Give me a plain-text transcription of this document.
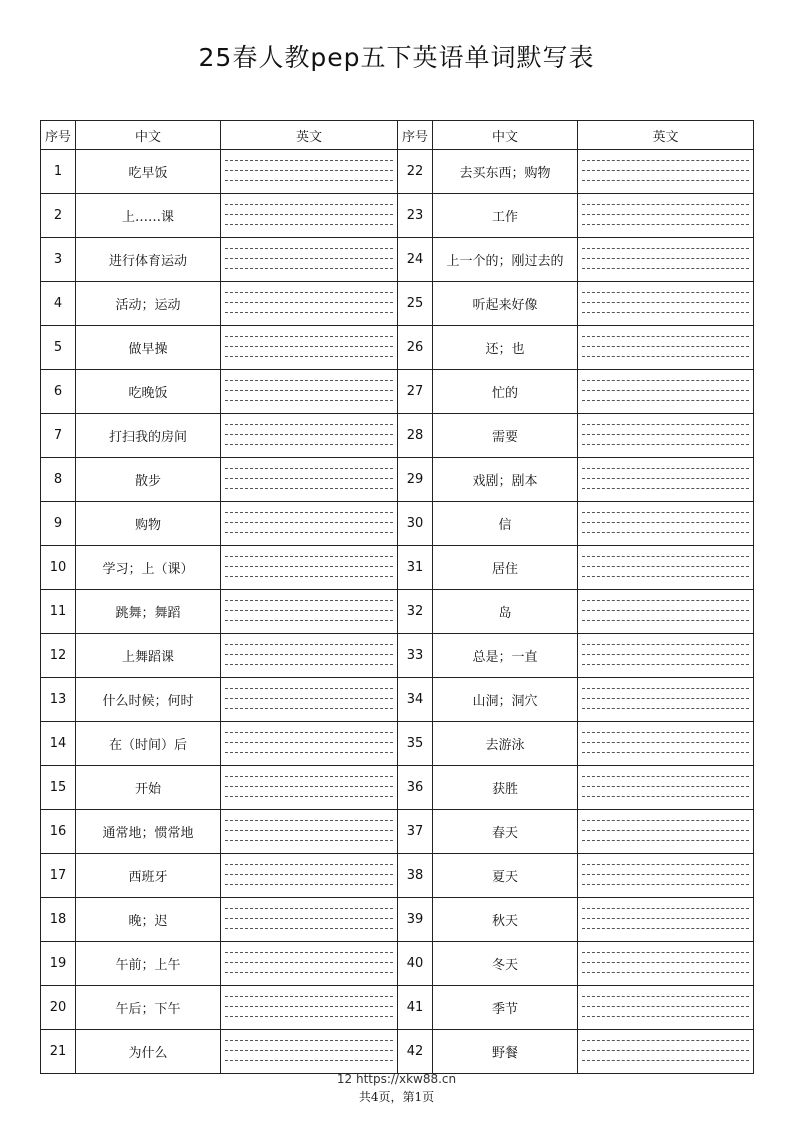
25春人教pep五下英语单词默写表
序号	中文	英文	序号	中文	英文
1	吃早饭		22	去买东西；购物	

2	上……课		23	工作	

3	进行体育运动		24	上一个的；刚过去的	

4	活动；运动		25	听起来好像	

5	做早操		26	还；也	

6	吃晚饭		27	忙的	

7	打扫我的房间		28	需要	

8	散步		29	戏剧；剧本	

9	购物		30	信	

10	学习；上（课）		31	居住	

11	跳舞；舞蹈		32	岛	

12	上舞蹈课		33	总是；一直	

13	什么时候；何时		34	山洞；洞穴	

14	在（时间）后		35	去游泳	

15	开始		36	获胜	

16	通常地；惯常地		37	春天	

17	西班牙		38	夏天	

18	晚；迟		39	秋天	

19	午前；上午		40	冬天	

20	午后；下午		41	季节	

21	为什么		42	野餐	
12 https://xkw88.cn
共4页，第1页
